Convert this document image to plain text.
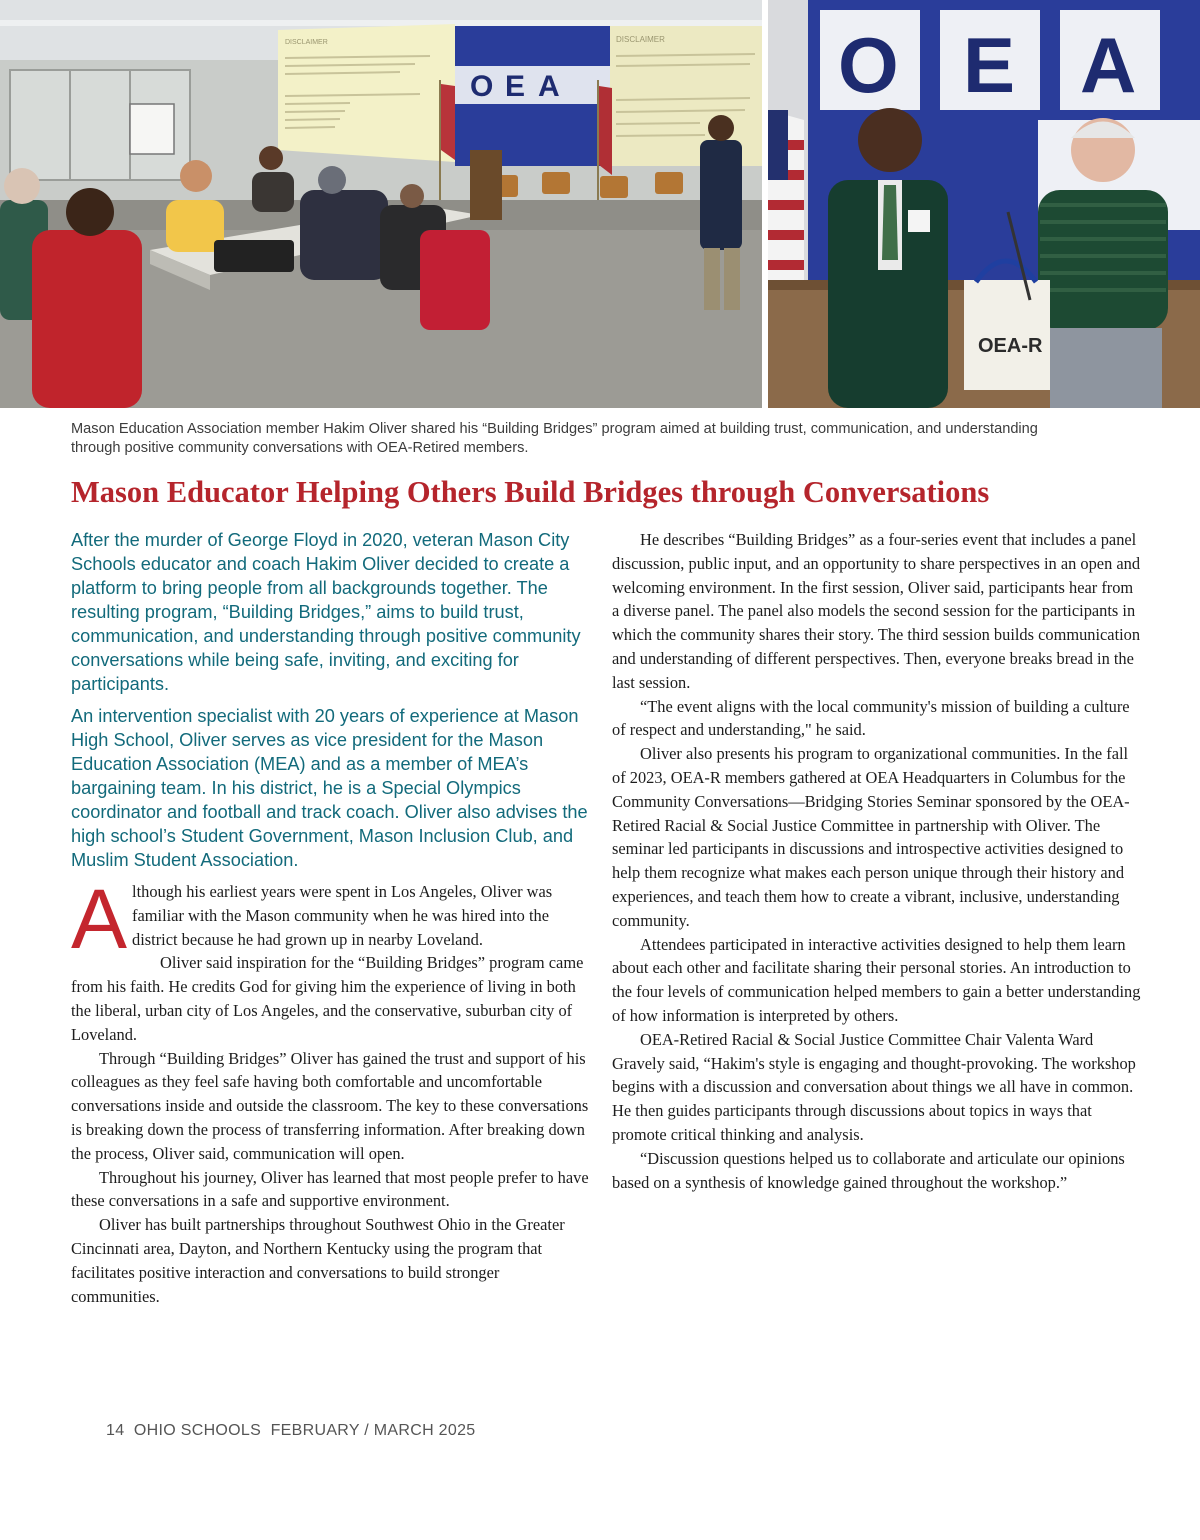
DISCLAIMER
O E A
DISCLAIMER O E A
OEA-R

Mason Education Association member Hakim Oliver shared his “Building Bridges” program aimed at building trust, communication, and understanding

through positive community conversations with OEA-Retired members.

Mason Educator Helping Others Build Bridges through Conversations

After the murder of George Floyd in 2020, veteran Mason City Schools educator and coach Hakim Oliver decided to create a platform to bring people from all backgrounds together. The resulting program, “Building Bridges,” aims to build trust, communication, and understanding through positive community conversations while being safe, inviting, and exciting for participants.

An intervention specialist with 20 years of experience at Mason High School, Oliver serves as vice president for the Mason Education Association (MEA) and as a member of MEA’s bargaining team. In his district, he is a Special Olympics coordinator and football and track coach. Oliver also advises the high school’s Student Government, Mason Inclusion Club, and Muslim Student Association.

Although his earliest years were spent in Los Angeles, Oliver was familiar with the Mason community when he was hired into the district because he had grown up in nearby Loveland.

Oliver said inspiration for the “Building Bridges” program came from his faith. He credits God for giving him the experience of living in both the liberal, urban city of Los Angeles, and the conservative, suburban city of Loveland.

Through “Building Bridges” Oliver has gained the trust and support of his colleagues as they feel safe having both comfortable and uncomfortable conversations inside and outside the classroom. The key to these conversations is breaking down the process of transferring information. After breaking down the process, Oliver said, communication will open.

Throughout his journey, Oliver has learned that most people prefer to have these conversations in a safe and supportive environment.

Oliver has built partnerships throughout Southwest Ohio in the Greater Cincinnati area, Dayton, and Northern Kentucky using the program that facilitates positive interaction and conversations to build stronger communities.

He describes “Building Bridges” as a four-series event that includes a panel discussion, public input, and an opportunity to share perspectives in an open and welcoming environment. In the first session, Oliver said, participants hear from a diverse panel. The panel also models the second session for the participants in which the community shares their story. The third session builds communication and understanding of different perspectives. Then, everyone breaks bread in the last session.

“The event aligns with the local community's mission of building a culture of respect and understanding," he said.

Oliver also presents his program to organizational communities. In the fall of 2023, OEA-R members gathered at OEA Headquarters in Columbus for the Community Conversations—Bridging Stories Seminar sponsored by the OEA-Retired Racial & Social Justice Committee in partnership with Oliver. The seminar led participants in discussions and introspective activities designed to help them recognize what makes each person unique through their history and experiences, and teach them how to create a vibrant, inclusive, understanding community.

Attendees participated in interactive activities designed to help them learn about each other and facilitate sharing their personal stories. An introduction to the four levels of communication helped members to gain a better understanding of how information is interpreted by others.

OEA-Retired Racial & Social Justice Committee Chair Valenta Ward Gravely said, “Hakim's style is engaging and thought-provoking. The workshop begins with a discussion and conversation about things we all have in common. He then guides participants through discussions about topics in ways that promote critical thinking and analysis.

“Discussion questions helped us to collaborate and articulate our opinions based on a synthesis of knowledge gained throughout the workshop.”

14 OHIO SCHOOLS FEBRUARY / MARCH 2025
